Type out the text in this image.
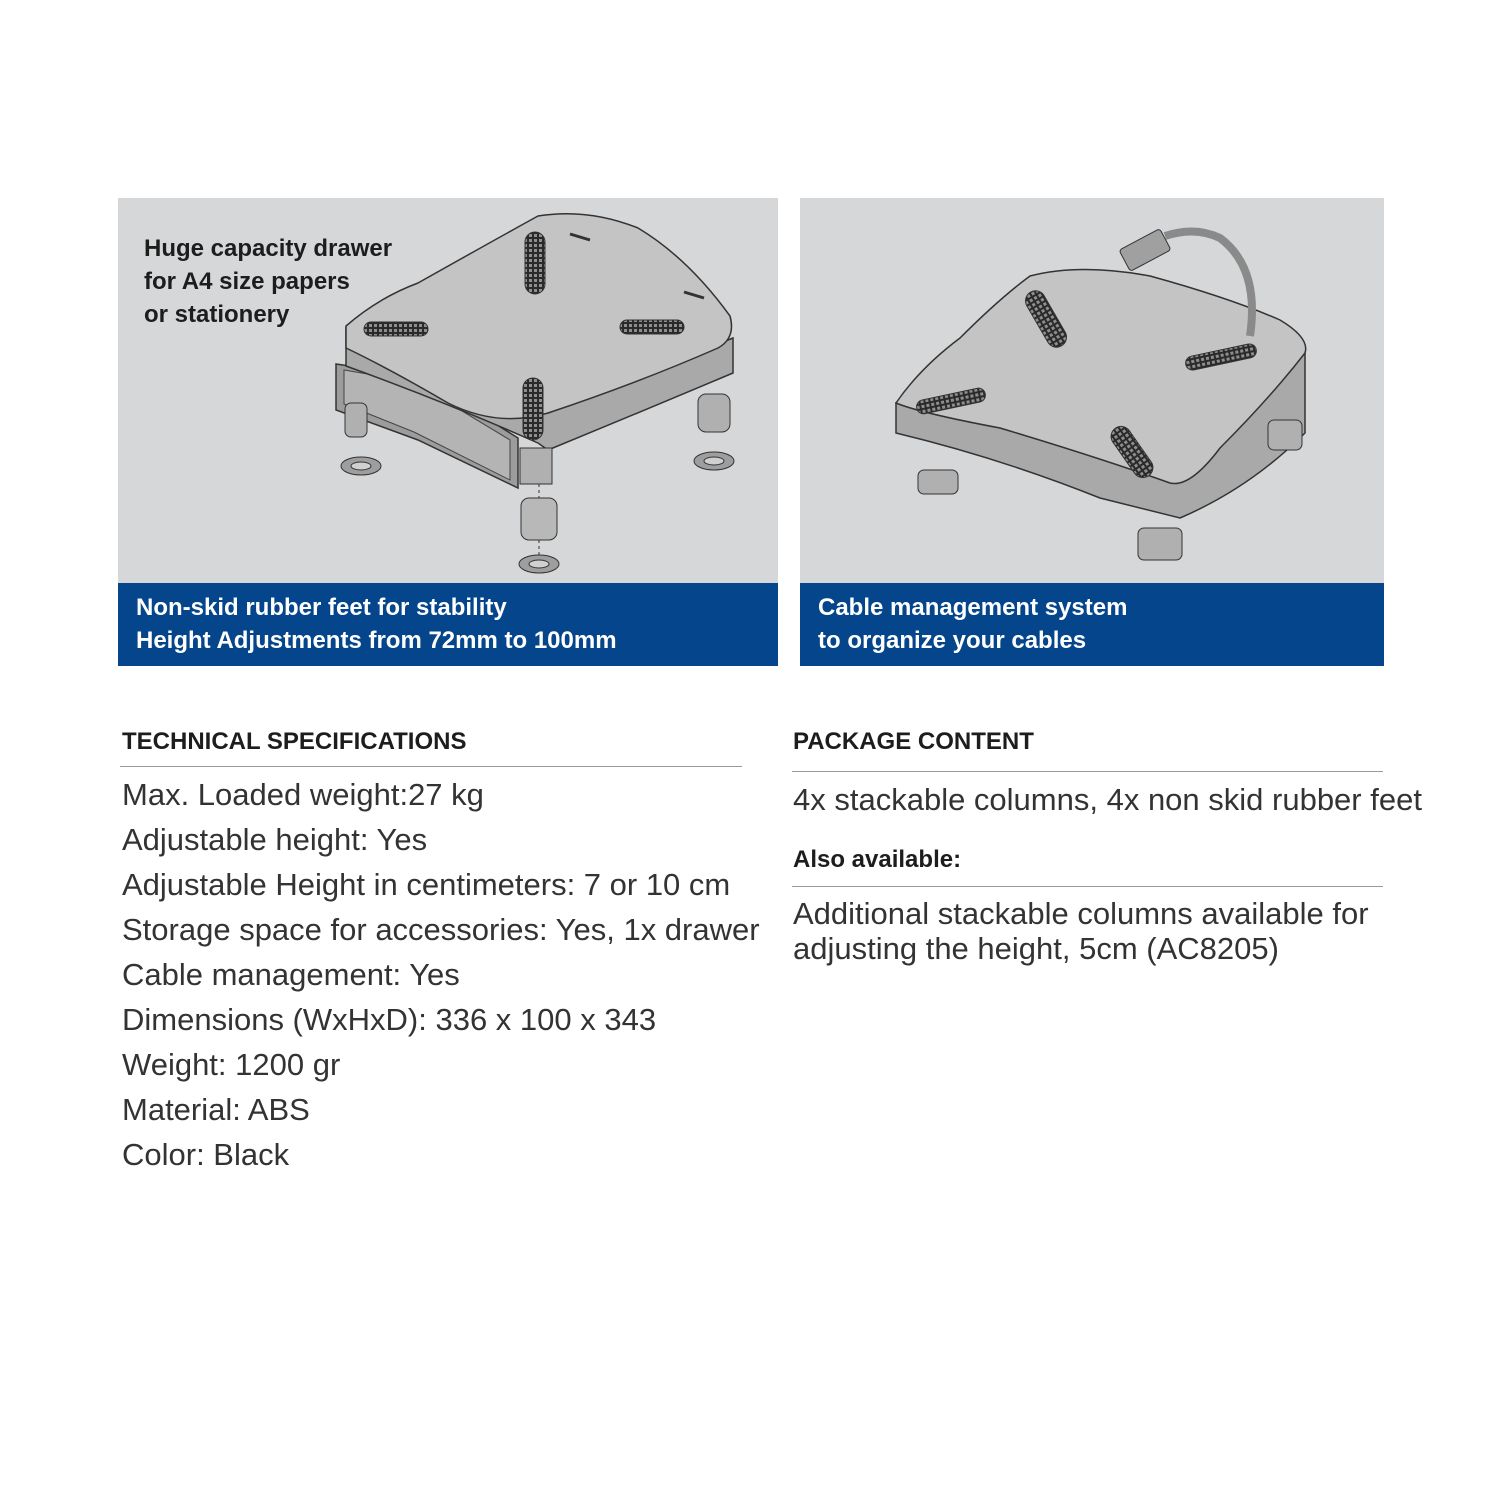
Huge capacity drawer
for A4 size papers
or stationery
Non-skid rubber feet for stability
Height Adjustments from 72mm to 100mm
Cable management system
to organize your cables
TECHNICAL SPECIFICATIONS
Max. Loaded weight:27 kg
Adjustable height: Yes
Adjustable Height in centimeters: 7 or 10 cm
Storage space for accessories: Yes, 1x drawer
Cable management: Yes
Dimensions (WxHxD): 336 x 100 x 343
Weight: 1200 gr
Material: ABS
Color: Black
PACKAGE CONTENT
4x stackable columns, 4x non skid rubber feet
Also available:
Additional stackable columns available for
adjusting the height, 5cm (AC8205)
